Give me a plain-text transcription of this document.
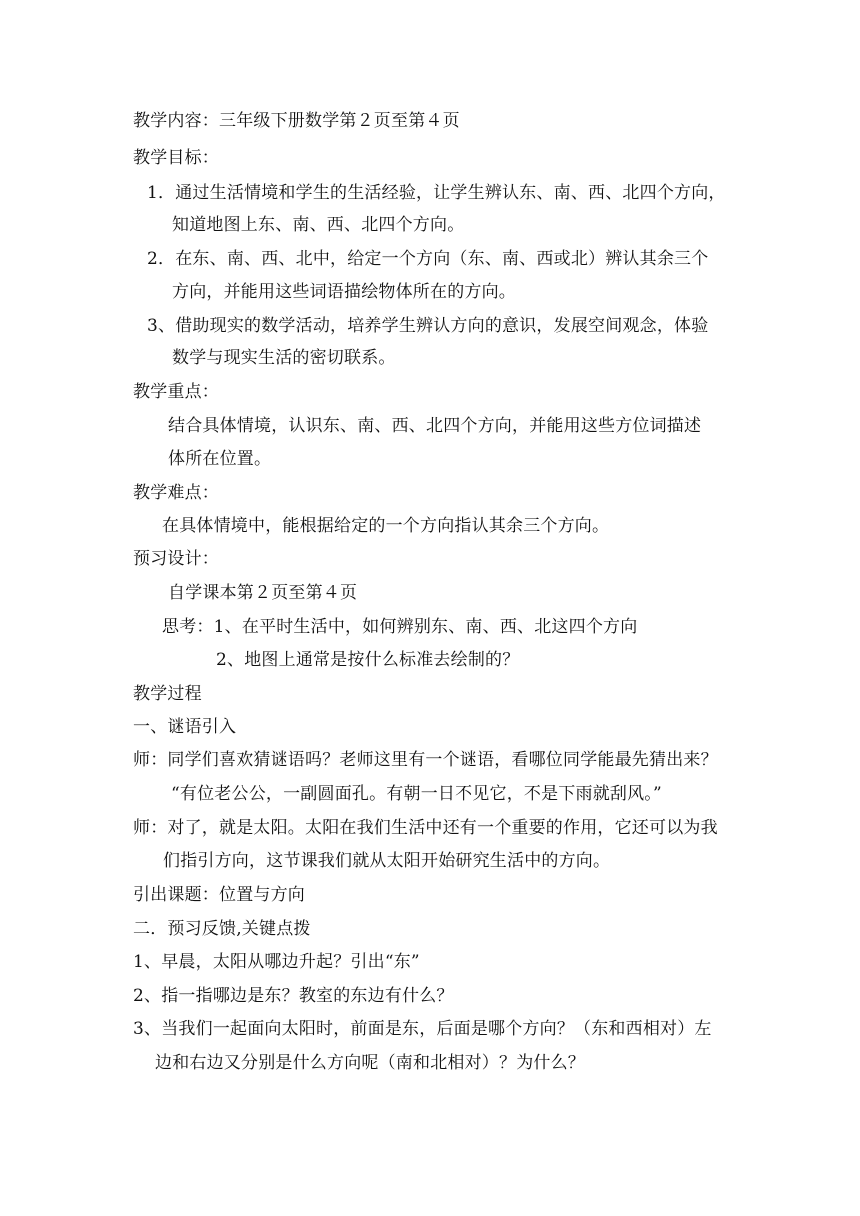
教学内容：三年级下册数学第２页至第４页
教学目标：
1．通过生活情境和学生的生活经验，让学生辨认东、南、西、北四个方向，
知道地图上东、南、西、北四个方向。
2．在东、南、西、北中，给定一个方向（东、南、西或北）辨认其余三个
方向，并能用这些词语描绘物体所在的方向。
3、借助现实的数学活动，培养学生辨认方向的意识，发展空间观念，体验
数学与现实生活的密切联系。
教学重点：
结合具体情境，认识东、南、西、北四个方向，并能用这些方位词描述
体所在位置。
教学难点：
在具体情境中，能根据给定的一个方向指认其余三个方向。
预习设计：
自学课本第２页至第４页
思考：1、在平时生活中，如何辨别东、南、西、北这四个方向
2、地图上通常是按什么标准去绘制的？
教学过程
一、谜语引入
师：同学们喜欢猜谜语吗？老师这里有一个谜语，看哪位同学能最先猜出来？
“有位老公公，一副圆面孔。有朝一日不见它，不是下雨就刮风。”
师：对了，就是太阳。太阳在我们生活中还有一个重要的作用，它还可以为我
们指引方向，这节课我们就从太阳开始研究生活中的方向。
引出课题：位置与方向
二．预习反馈,关键点拨
1、早晨，太阳从哪边升起？引出“东”
2、指一指哪边是东？教室的东边有什么？
3、当我们一起面向太阳时，前面是东，后面是哪个方向？（东和西相对）左
边和右边又分别是什么方向呢（南和北相对）？为什么？
